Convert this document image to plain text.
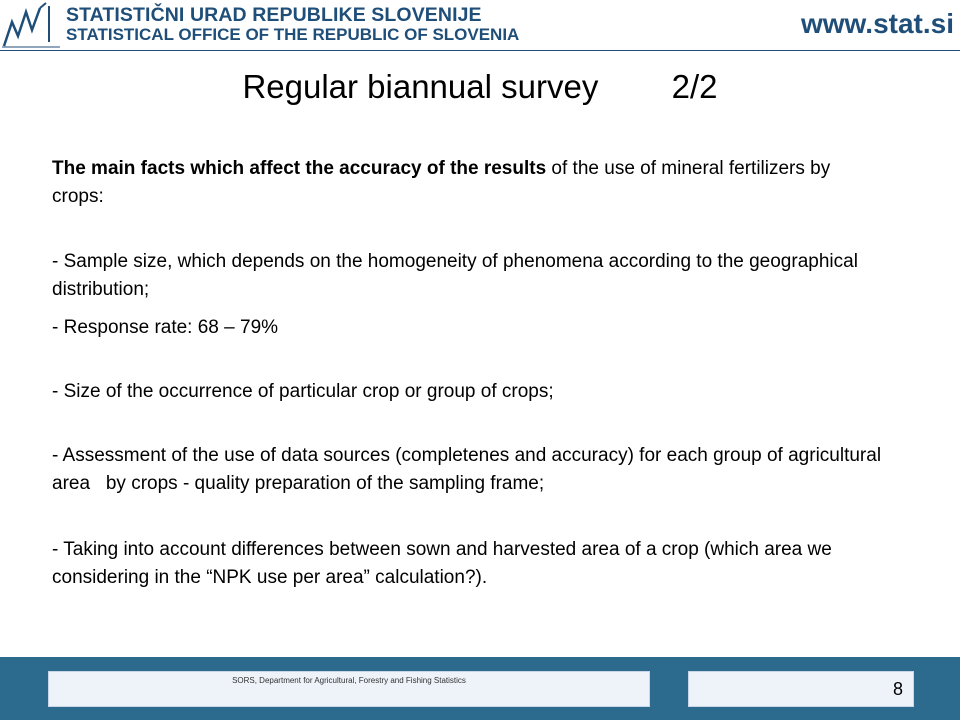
STATISTIČNI URAD REPUBLIKE SLOVENIJE
STATISTICAL OFFICE OF THE REPUBLIC OF SLOVENIA	www.stat.si
Regular biannual survey        2/2

The main facts which affect the accuracy of the results of the use of mineral fertilizers by crops:

- Sample size, which depends on the homogeneity of phenomena according to the geographical distribution;

- Response rate: 68 – 79%

- Size of the occurrence of particular crop or group of crops;

- Assessment of the use of data sources (completenes and accuracy) for each group of agricultural area   by crops - quality preparation of the sampling frame;

- Taking into account differences between sown and harvested area of a crop (which area we considering in the “NPK use per area” calculation?).

SORS, Department for Agricultural, Forestry and Fishing Statistics	8
